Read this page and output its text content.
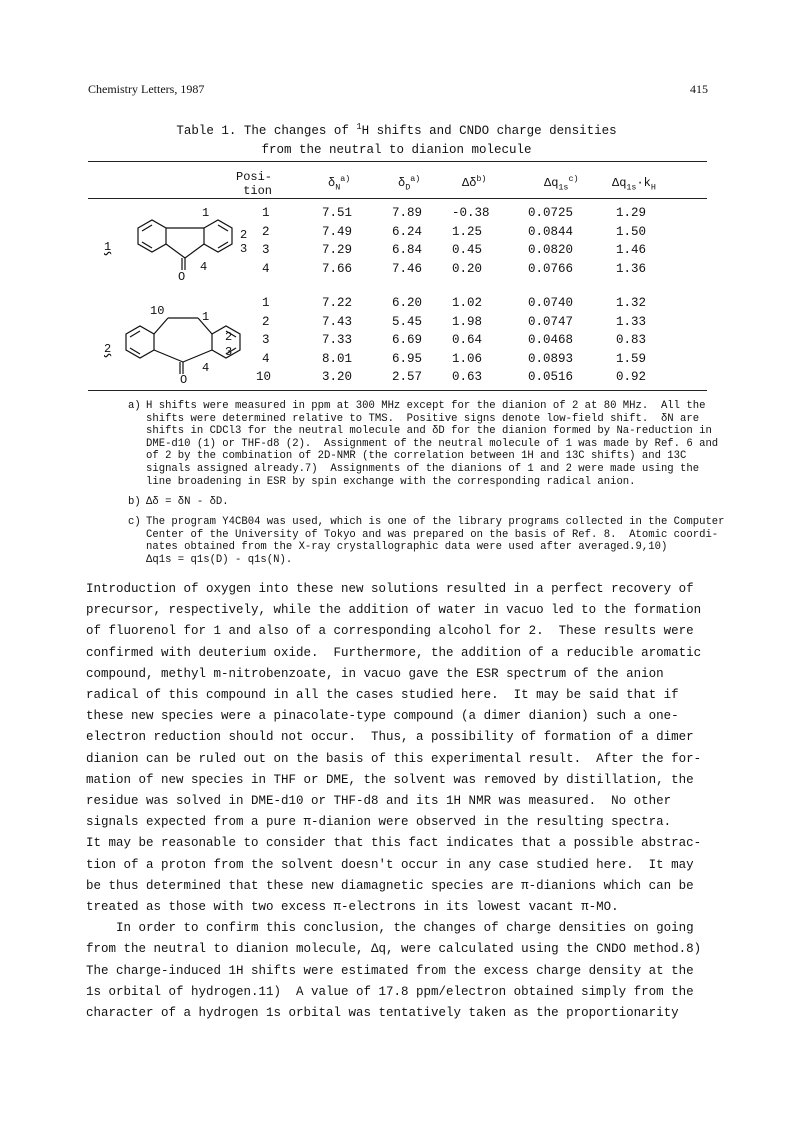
Chemistry Letters, 1987	415
Table 1. The changes of $^1$H shifts and CNDO charge densities
from the neutral to dianion molecule
Posi-
tion
$\delta_N^{a)}$	$\delta_D^{a)}$	$\Delta\delta^{b)}$	$\Delta q_{1s}^{c)}$	$\Delta q_{1s}\cdot k_H$
1
2
3
4
O
1
1	7.51	7.89 -0.38	0.0725	1.29
2	7.49	6.24 1.25	0.0844	1.50
3	7.29	6.84 0.45	0.0820	1.46
4	7.66	7.46 0.20	0.0766	1.36
10	1
2
3
4
O
2
1	7.22	6.20 1.02	0.0740	1.32
2	7.43	5.45 1.98	0.0747	1.33
3	7.33	6.69 0.64	0.0468	0.83
4	8.01	6.95 1.06	0.0893	1.59
10	3.20	2.57 0.63	0.0516	0.92
a) H shifts were measured in ppm at 300 MHz except for the dianion of 2 at 80 MHz.  All the
shifts were determined relative to TMS.  Positive signs denote low-field shift.  δN are
shifts in CDCl3 for the neutral molecule and δD for the dianion formed by Na-reduction in
DME-d10 (1) or THF-d8 (2).  Assignment of the neutral molecule of 1 was made by Ref. 6 and
of 2 by the combination of 2D-NMR (the correlation between 1H and 13C shifts) and 13C
signals assigned already.7)  Assignments of the dianions of 1 and 2 were made using the
line broadening in ESR by spin exchange with the corresponding radical anion.
b) Δδ = δN - δD.
c) The program Y4CB04 was used, which is one of the library programs collected in the Computer
Center of the University of Tokyo and was prepared on the basis of Ref. 8.  Atomic coordi-
nates obtained from the X-ray crystallographic data were used after averaged.9,10)
Δq1s = q1s(D) - q1s(N).
Introduction of oxygen into these new solutions resulted in a perfect recovery of
precursor, respectively, while the addition of water in vacuo led to the formation
of fluorenol for 1 and also of a corresponding alcohol for 2.  These results were
confirmed with deuterium oxide.  Furthermore, the addition of a reducible aromatic
compound, methyl m-nitrobenzoate, in vacuo gave the ESR spectrum of the anion
radical of this compound in all the cases studied here.  It may be said that if
these new species were a pinacolate-type compound (a dimer dianion) such a one-
electron reduction should not occur.  Thus, a possibility of formation of a dimer
dianion can be ruled out on the basis of this experimental result.  After the for-
mation of new species in THF or DME, the solvent was removed by distillation, the
residue was solved in DME-d10 or THF-d8 and its 1H NMR was measured.  No other
signals expected from a pure π-dianion were observed in the resulting spectra.
It may be reasonable to consider that this fact indicates that a possible abstrac-
tion of a proton from the solvent doesn't occur in any case studied here.  It may
be thus determined that these new diamagnetic species are π-dianions which can be
treated as those with two excess π-electrons in its lowest vacant π-MO.
In order to confirm this conclusion, the changes of charge densities on going
from the neutral to dianion molecule, Δq, were calculated using the CNDO method.8)
The charge-induced 1H shifts were estimated from the excess charge density at the
1s orbital of hydrogen.11)  A value of 17.8 ppm/electron obtained simply from the
character of a hydrogen 1s orbital was tentatively taken as the proportionarity
